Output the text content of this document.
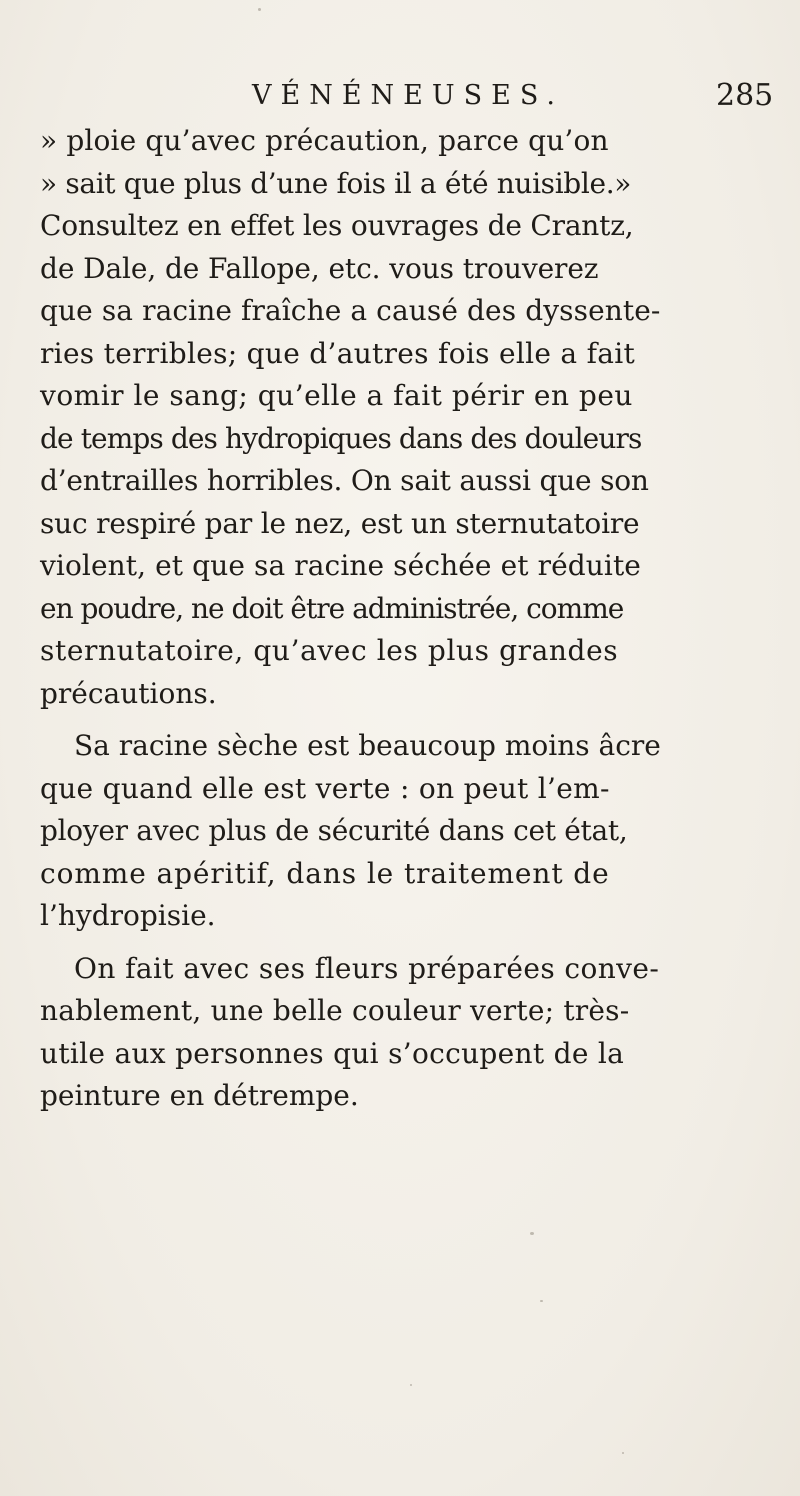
VÉNÉNEUSES.	285
» ploie qu’avec précaution, parce qu’on
» sait que plus d’une fois il a été nuisible.»
Consultez en effet les ouvrages de Crantz,
de Dale, de Fallope, etc. vous trouverez
que sa racine fraîche a causé des dyssente-
ries terribles; que d’autres fois elle a fait
vomir le sang; qu’elle a fait périr en peu
de temps des hydropiques dans des douleurs
d’entrailles horribles. On sait aussi que son
suc respiré par le nez, est un sternutatoire
violent, et que sa racine séchée et réduite
en poudre, ne doit être administrée, comme
sternutatoire, qu’avec les plus grandes
précautions.
Sa racine sèche est beaucoup moins âcre
que quand elle est verte : on peut l’em-
ployer avec plus de sécurité dans cet état,
comme apéritif, dans le traitement de
l’hydropisie.
On fait avec ses fleurs préparées conve-
nablement, une belle couleur verte; très-
utile aux personnes qui s’occupent de la
peinture en détrempe.
